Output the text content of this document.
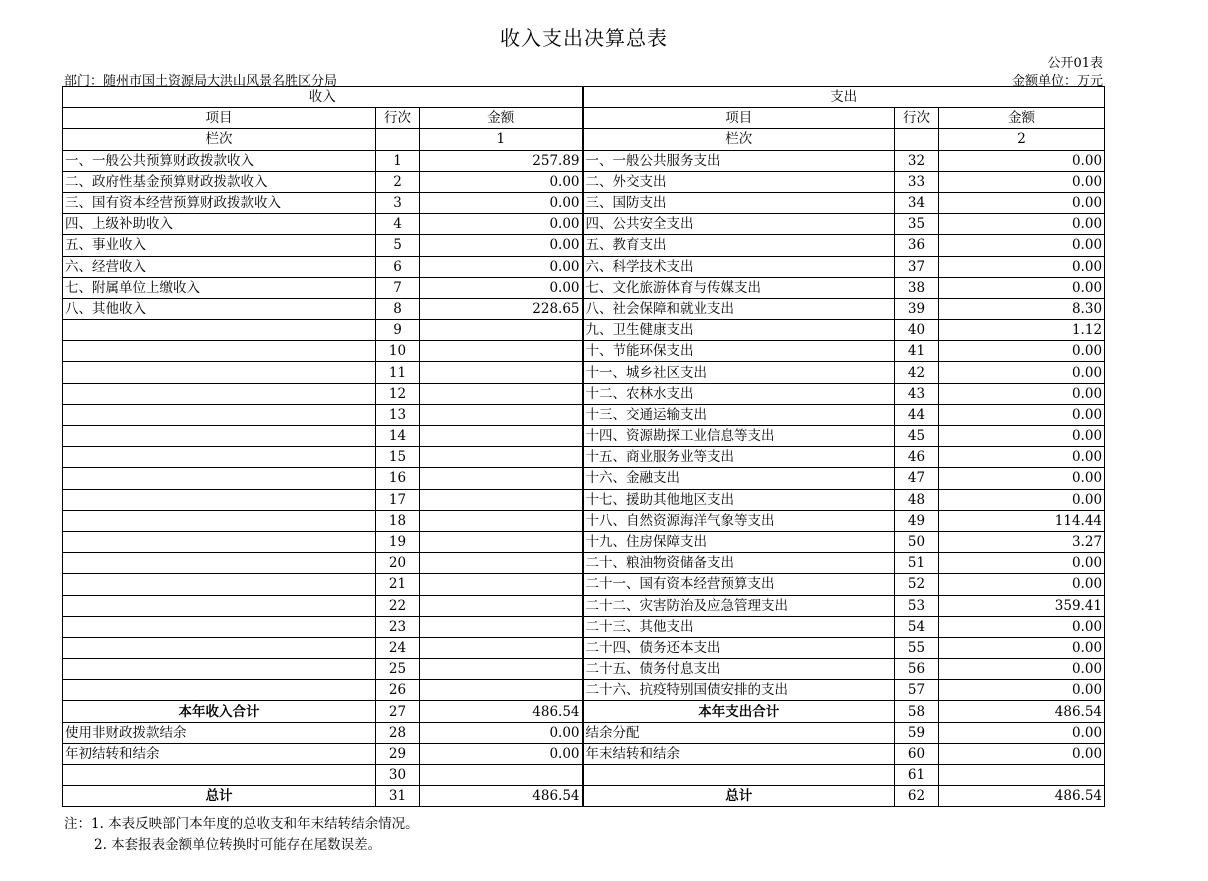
收入支出决算总表
公开01表
部门：随州市国土资源局大洪山风景名胜区分局	金额单位：万元
收入			支出		
项目	行次	金额	项目	行次	金额
栏次		1	栏次		2
一、一般公共预算财政拨款收入	1	257.89	一、一般公共服务支出	32	0.00
二、政府性基金预算财政拨款收入	2	0.00	二、外交支出	33	0.00
三、国有资本经营预算财政拨款收入	3	0.00	三、国防支出	34	0.00
四、上级补助收入	4	0.00	四、公共安全支出	35	0.00
五、事业收入	5	0.00	五、教育支出	36	0.00
六、经营收入	6	0.00	六、科学技术支出	37	0.00
七、附属单位上缴收入	7	0.00	七、文化旅游体育与传媒支出	38	0.00
八、其他收入	8	228.65	八、社会保障和就业支出	39	8.30
	9		九、卫生健康支出	40	1.12
	10		十、节能环保支出	41	0.00
	11		十一、城乡社区支出	42	0.00
	12		十二、农林水支出	43	0.00
	13		十三、交通运输支出	44	0.00
	14		十四、资源勘探工业信息等支出	45	0.00
	15		十五、商业服务业等支出	46	0.00
	16		十六、金融支出	47	0.00
	17		十七、援助其他地区支出	48	0.00
	18		十八、自然资源海洋气象等支出	49	114.44
	19		十九、住房保障支出	50	3.27
	20		二十、粮油物资储备支出	51	0.00
	21		二十一、国有资本经营预算支出	52	0.00
	22		二十二、灾害防治及应急管理支出	53	359.41
	23		二十三、其他支出	54	0.00
	24		二十四、债务还本支出	55	0.00
	25		二十五、债务付息支出	56	0.00
	26		二十六、抗疫特别国债安排的支出	57	0.00
本年收入合计	27	486.54	本年支出合计	58	486.54
使用非财政拨款结余	28	0.00	结余分配	59	0.00
年初结转和结余	29	0.00	年末结转和结余	60	0.00
	30			61	
总计	31	486.54	总计	62	486.54
注：1. 本表反映部门本年度的总收支和年末结转结余情况。
2. 本套报表金额单位转换时可能存在尾数误差。
